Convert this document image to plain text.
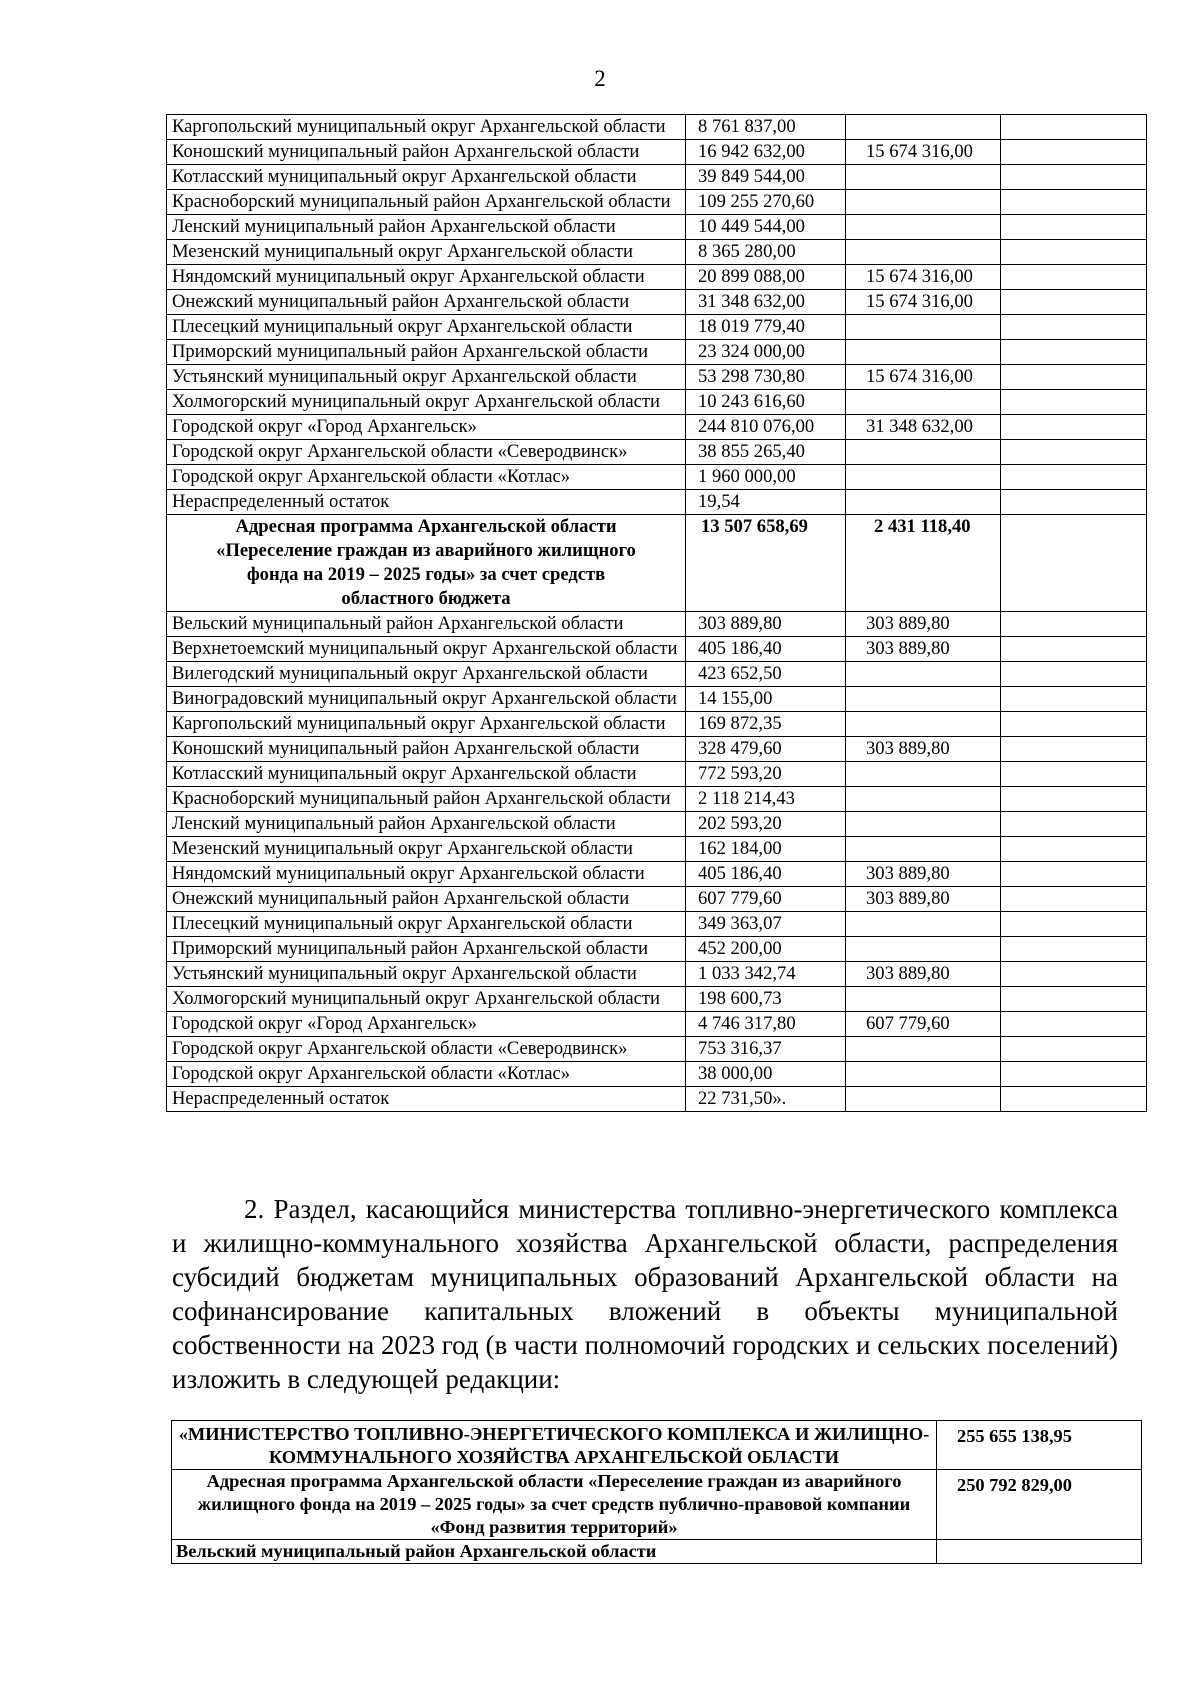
2
Каргопольский муниципальный округ Архангельской области	8 761 837,00		
Коношский муниципальный район Архангельской области	16 942 632,00	15 674 316,00	
Котласский муниципальный округ Архангельской области	39 849 544,00		
Красноборский муниципальный район Архангельской области	109 255 270,60		
Ленский муниципальный район Архангельской области	10 449 544,00		
Мезенский муниципальный округ Архангельской области	8 365 280,00		
Няндомский муниципальный округ Архангельской области	20 899 088,00	15 674 316,00	
Онежский муниципальный район Архангельской области	31 348 632,00	15 674 316,00	
Плесецкий муниципальный округ Архангельской области	18 019 779,40		
Приморский муниципальный район Архангельской области	23 324 000,00		
Устьянский муниципальный округ Архангельской области	53 298 730,80	15 674 316,00	
Холмогорский муниципальный округ Архангельской области	10 243 616,60		
Городской округ «Город Архангельск»	244 810 076,00	31 348 632,00	
Городской округ Архангельской области «Северодвинск»	38 855 265,40		
Городской округ Архангельской области «Котлас»	1 960 000,00		
Нераспределенный остаток	19,54		
Адресная программа Архангельской области «Переселение граждан из аварийного жилищного фонда на 2019 – 2025 годы» за счет средств областного бюджета	13 507 658,69	2 431 118,40	
Вельский муниципальный район Архангельской области	303 889,80	303 889,80	
Верхнетоемский муниципальный округ Архангельской области	405 186,40	303 889,80	
Вилегодский муниципальный округ Архангельской области	423 652,50		
Виноградовский муниципальный округ Архангельской области	14 155,00		
Каргопольский муниципальный округ Архангельской области	169 872,35		
Коношский муниципальный район Архангельской области	328 479,60	303 889,80	
Котласский муниципальный округ Архангельской области	772 593,20		
Красноборский муниципальный район Архангельской области	2 118 214,43		
Ленский муниципальный район Архангельской области	202 593,20		
Мезенский муниципальный округ Архангельской области	162 184,00		
Няндомский муниципальный округ Архангельской области	405 186,40	303 889,80	
Онежский муниципальный район Архангельской области	607 779,60	303 889,80	
Плесецкий муниципальный округ Архангельской области	349 363,07		
Приморский муниципальный район Архангельской области	452 200,00		
Устьянский муниципальный округ Архангельской области	1 033 342,74	303 889,80	
Холмогорский муниципальный округ Архангельской области	198 600,73		
Городской округ «Город Архангельск»	4 746 317,80	607 779,60	
Городской округ Архангельской области «Северодвинск»	753 316,37		
Городской округ Архангельской области «Котлас»	38 000,00		
Нераспределенный остаток	22 731,50».		
2. Раздел, касающийся министерства топливно-энергетического комплекса и жилищно-коммунального хозяйства Архангельской области, распределения субсидий бюджетам муниципальных образований Архангельской области на софинансирование капитальных вложений в объекты муниципальной собственности на 2023 год (в части полномочий городских и сельских поселений) изложить в следующей редакции:
«МИНИСТЕРСТВО ТОПЛИВНО-ЭНЕРГЕТИЧЕСКОГО КОМПЛЕКСА И ЖИЛИЩНО-КОММУНАЛЬНОГО ХОЗЯЙСТВА АРХАНГЕЛЬСКОЙ ОБЛАСТИ	255 655 138,95
Адресная программа Архангельской области «Переселение граждан из аварийного жилищного фонда на 2019 – 2025 годы» за счет средств публично-правовой компании «Фонд развития территорий»	250 792 829,00
Вельский муниципальный район Архангельской области	
